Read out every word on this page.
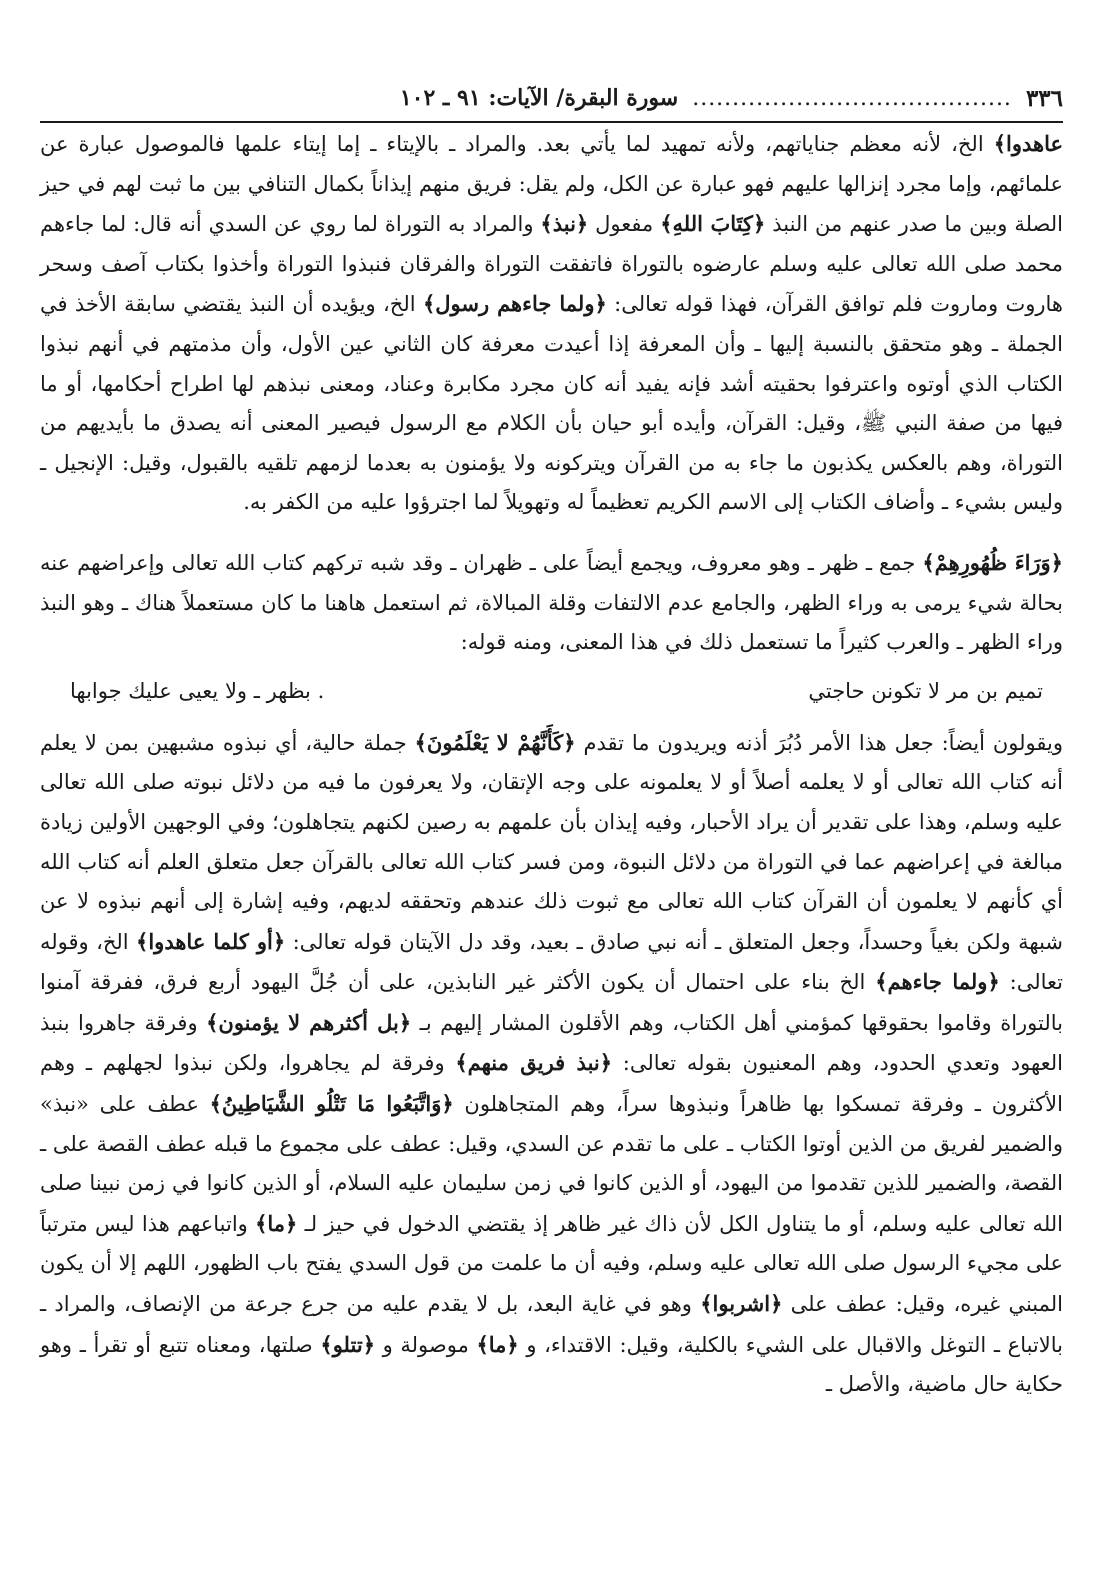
٣٣٦
........................................
سورة البقرة/ الآيات: ٩١ ـ ١٠٢

عاهدوا﴾ الخ، لأنه معظم جناياتهم، ولأنه تمهيد لما يأتي بعد. والمراد ـ بالإيتاء ـ إما إيتاء علمها فالموصول عبارة عن علمائهم، وإما مجرد إنزالها عليهم فهو عبارة عن الكل، ولم يقل: فريق منهم إيذاناً بكمال التنافي بين ما ثبت لهم في حيز الصلة وبين ما صدر عنهم من النبذ ﴿كِتَابَ اللهِ﴾ مفعول ﴿نبذ﴾ والمراد به التوراة لما روي عن السدي أنه قال: لما جاءهم محمد صلى الله تعالى عليه وسلم عارضوه بالتوراة فاتفقت التوراة والفرقان فنبذوا التوراة وأخذوا بكتاب آصف وسحر هاروت وماروت فلم توافق القرآن، فهذا قوله تعالى: ﴿ولما جاءهم رسول﴾ الخ، ويؤيده أن النبذ يقتضي سابقة الأخذ في الجملة ـ وهو متحقق بالنسبة إليها ـ وأن المعرفة إذا أعيدت معرفة كان الثاني عين الأول، وأن مذمتهم في أنهم نبذوا الكتاب الذي أوتوه واعترفوا بحقيته أشد فإنه يفيد أنه كان مجرد مكابرة وعناد، ومعنى نبذهم لها اطراح أحكامها، أو ما فيها من صفة النبي ﷺ، وقيل: القرآن، وأيده أبو حيان بأن الكلام مع الرسول فيصير المعنى أنه يصدق ما بأيديهم من التوراة، وهم بالعكس يكذبون ما جاء به من القرآن ويتركونه ولا يؤمنون به بعدما لزمهم تلقيه بالقبول، وقيل: الإنجيل ـ وليس بشيء ـ وأضاف الكتاب إلى الاسم الكريم تعظيماً له وتهويلاً لما اجترؤوا عليه من الكفر به.

﴿وَرَاءَ ظُهُورِهِمْ﴾ جمع ـ ظهر ـ وهو معروف، ويجمع أيضاً على ـ ظهران ـ وقد شبه تركهم كتاب الله تعالى وإعراضهم عنه بحالة شيء يرمى به وراء الظهر، والجامع عدم الالتفات وقلة المبالاة، ثم استعمل هاهنا ما كان مستعملاً هناك ـ وهو النبذ وراء الظهر ـ والعرب كثيراً ما تستعمل ذلك في هذا المعنى، ومنه قوله:

تميم بن مر لا تكونن حاجتي
. بظهر ـ ولا يعيى عليك جوابها

ويقولون أيضاً: جعل هذا الأمر دُبُرَ أذنه ويريدون ما تقدم ﴿كَأَنَّهُمْ لا يَعْلَمُونَ﴾ جملة حالية، أي نبذوه مشبهين بمن لا يعلم أنه كتاب الله تعالى أو لا يعلمه أصلاً أو لا يعلمونه على وجه الإتقان، ولا يعرفون ما فيه من دلائل نبوته صلى الله تعالى عليه وسلم، وهذا على تقدير أن يراد الأحبار، وفيه إيذان بأن علمهم به رصين لكنهم يتجاهلون؛ وفي الوجهين الأولين زيادة مبالغة في إعراضهم عما في التوراة من دلائل النبوة، ومن فسر كتاب الله تعالى بالقرآن جعل متعلق العلم أنه كتاب الله أي كأنهم لا يعلمون أن القرآن كتاب الله تعالى مع ثبوت ذلك عندهم وتحققه لديهم، وفيه إشارة إلى أنهم نبذوه لا عن شبهة ولكن بغياً وحسداً، وجعل المتعلق ـ أنه نبي صادق ـ بعيد، وقد دل الآيتان قوله تعالى: ﴿أو كلما عاهدوا﴾ الخ، وقوله تعالى: ﴿ولما جاءهم﴾ الخ بناء على احتمال أن يكون الأكثر غير النابذين، على أن جُلَّ اليهود أربع فرق، ففرقة آمنوا بالتوراة وقاموا بحقوقها كمؤمني أهل الكتاب، وهم الأقلون المشار إليهم بـ ﴿بل أكثرهم لا يؤمنون﴾ وفرقة جاهروا بنبذ العهود وتعدي الحدود، وهم المعنيون بقوله تعالى: ﴿نبذ فريق منهم﴾ وفرقة لم يجاهروا، ولكن نبذوا لجهلهم ـ وهم الأكثرون ـ وفرقة تمسكوا بها ظاهراً ونبذوها سراً، وهم المتجاهلون ﴿وَاتَّبَعُوا مَا تَتْلُو الشَّيَاطِينُ﴾ عطف على «نبذ» والضمير لفريق من الذين أوتوا الكتاب ـ على ما تقدم عن السدي، وقيل: عطف على مجموع ما قبله عطف القصة على ـ القصة، والضمير للذين تقدموا من اليهود، أو الذين كانوا في زمن سليمان عليه السلام، أو الذين كانوا في زمن نبينا صلى الله تعالى عليه وسلم، أو ما يتناول الكل لأن ذاك غير ظاهر إذ يقتضي الدخول في حيز لـ ﴿ما﴾ واتباعهم هذا ليس مترتباً على مجيء الرسول صلى الله تعالى عليه وسلم، وفيه أن ما علمت من قول السدي يفتح باب الظهور، اللهم إلا أن يكون المبني غيره، وقيل: عطف على ﴿اشربوا﴾ وهو في غاية البعد، بل لا يقدم عليه من جرع جرعة من الإنصاف، والمراد ـ بالاتباع ـ التوغل والاقبال على الشيء بالكلية، وقيل: الاقتداء، و ﴿ما﴾ موصولة و ﴿تتلو﴾ صلتها، ومعناه تتبع أو تقرأ ـ وهو حكاية حال ماضية، والأصل ـ
